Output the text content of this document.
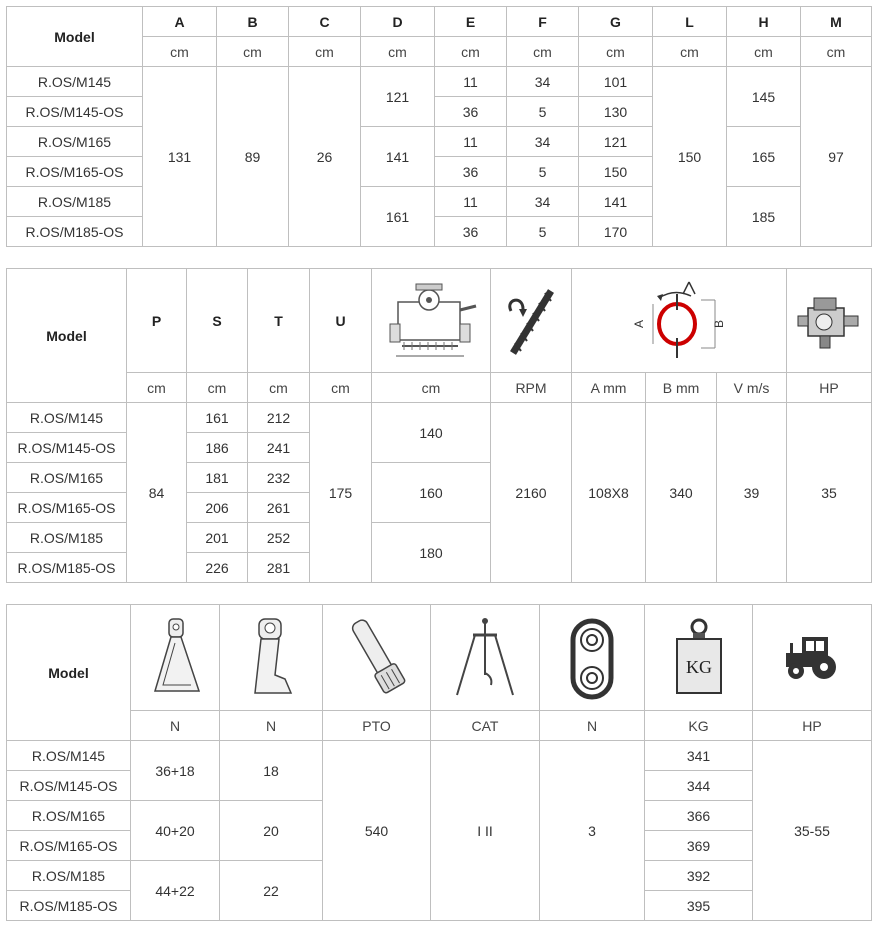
Model	A	B	C	D	E	F	G	L	H	M
	cm	cm	cm	cm	cm	cm	cm	cm	cm	cm
R.OS/M145	131	89	26	121	11	34	101	150	145	97
R.OS/M145-OS					36	5	130			
R.OS/M165				141	11	34	121		165	
R.OS/M165-OS					36	5	150			
R.OS/M185				161	11	34	141		185	
R.OS/M185-OS					36	5	170			
Model	P	S	T	U			A B

	cm	cm	cm	cm	cm	RPM	A mm	B mm	V m/s	HP
R.OS/M145	84	161	212	175	140	2160	108X8	340	39	35
R.OS/M145-OS		186	241							
R.OS/M165		181	232		160					
R.OS/M165-OS		206	261							
R.OS/M185		201	252		180					
R.OS/M185-OS		226	281							
Model						KG

	N	N	PTO	CAT	N	KG	HP
R.OS/M145	36+18	18	540	I II	3	341	35-55
R.OS/M145-OS						344	
R.OS/M165	40+20	20				366	
R.OS/M165-OS						369	
R.OS/M185	44+22	22				392	
R.OS/M185-OS						395	
